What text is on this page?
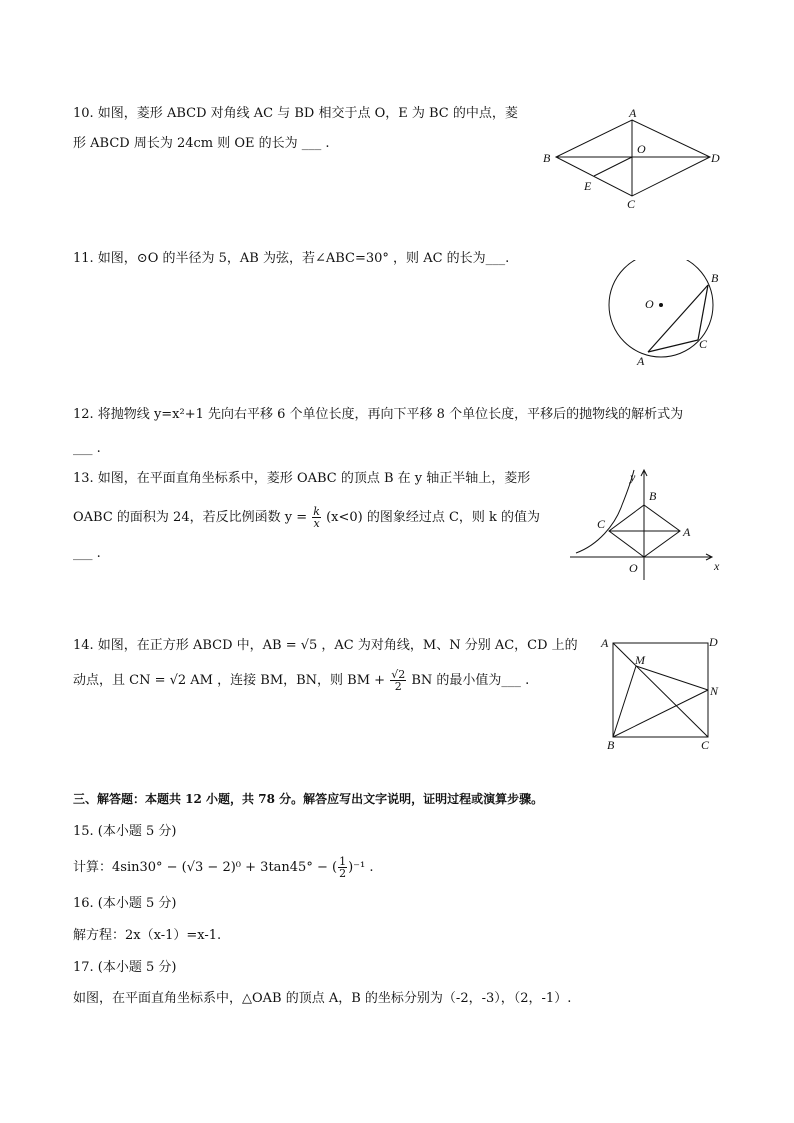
10. 如图，菱形 ABCD 对角线 AC 与 BD 相交于点 O，E 为 BC 的中点，菱
形 ABCD 周长为 24cm 则 OE 的长为 ___ .
A
B
C
D
O
E
11. 如图，⊙O 的半径为 5，AB 为弦，若∠ABC=30° ，则 AC 的长为___.
O
B
C
A
12. 将抛物线 y=x²+1 先向右平移 6 个单位长度，再向下平移 8 个单位长度，平移后的抛物线的解析式为
___ .
13. 如图，在平面直角坐标系中，菱形 OABC 的顶点 B 在 y 轴正半轴上，菱形
OABC 的面积为 24，若反比例函数 $y = \frac{k}{x} (x<0)$ 的图象经过点 C，则 k 的值为
___ .
y
x
B
C
A
O
14. 如图，在正方形 ABCD 中，AB = √5 ，AC 为对角线，M、N 分别 AC，CD 上的
动点，且 CN = √2 AM ，连接 BM，BN，则 BM + $\frac{√2}{2}$ BN 的最小值为___ .
A	D
M
N
B	C
三、解答题：本题共 12 小题，共 78 分。解答应写出文字说明，证明过程或演算步骤。
15. (本小题 5 分)
计算：4sin30° − (√3 − 2)⁰ + 3tan45° − ( $\frac{1}{2} )^{-1}$ .
16. (本小题 5 分)
解方程：2x（x-1）=x-1.
17. (本小题 5 分)
如图，在平面直角坐标系中，△OAB 的顶点 A，B 的坐标分别为（-2，-3），（2，-1）.
